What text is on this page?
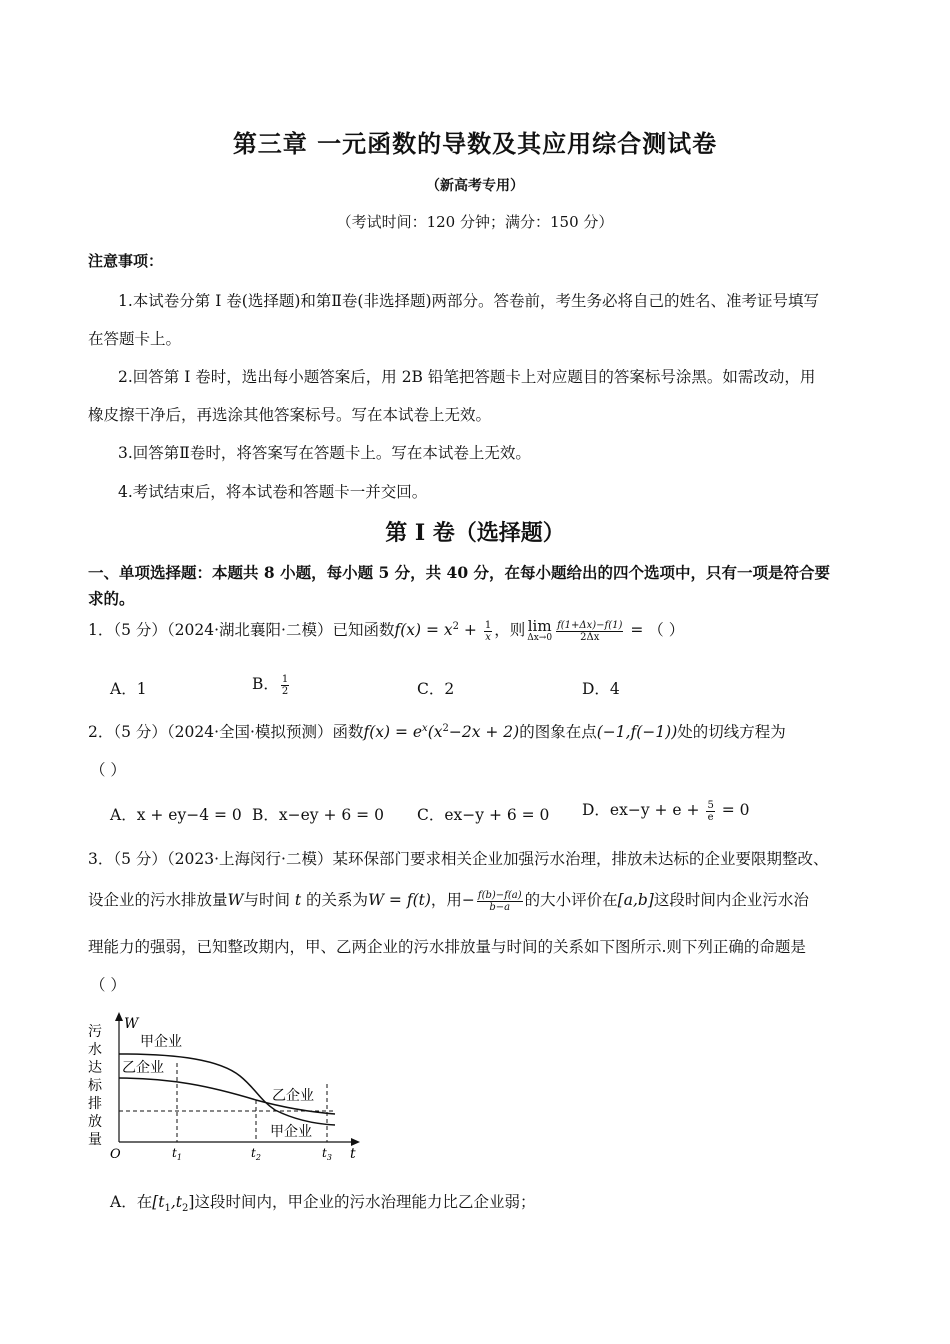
第三章 一元函数的导数及其应用综合测试卷
（新高考专用）
（考试时间：120 分钟；满分：150 分）
注意事项：
1.本试卷分第 I 卷(选择题)和第Ⅱ卷(非选择题)两部分。答卷前，考生务必将自己的姓名、准考证号填写
在答题卡上。
2.回答第 I 卷时，选出每小题答案后，用 2B 铅笔把答题卡上对应题目的答案标号涂黑。如需改动，用
橡皮擦干净后，再选涂其他答案标号。写在本试卷上无效。
3.回答第Ⅱ卷时，将答案写在答题卡上。写在本试卷上无效。
4.考试结束后，将本试卷和答题卡一并交回。
第 I 卷（选择题）
一、单项选择题：本题共 8 小题，每小题 5 分，共 40 分，在每小题给出的四个选项中，只有一项是符合要
求的。
1．（5 分）（2024·湖北襄阳·二模）已知函数$f(x) = x^2 + \frac{1}{x}$ ，则 lim
$\Delta x\to 0 \frac{f(1+\Delta x)-f(1)}{2\Delta x}$ = （ ）
A．1	B． $\frac{1}{2}$	C．2	D．4
2．（5 分）（2024·全国·模拟预测）函数$f(x) = e^x(x^2-2x + 2)$的图象在点(−1,f(−1))处的切线方程为
（ ）
A．x + ey−4 = 0 B．x−ey + 6 = 0 C．ex−y + 6 = 0 D．$ex-y + e + \frac{5}{e} = 0$
3．（5 分）（2023·上海闵行·二模）某环保部门要求相关企业加强污水治理，排放未达标的企业要限期整改、
设企业的污水排放量W与时间 t 的关系为W = f(t)，用− $\frac{f(b)-f(a)}{b-a}$ 的大小评价在[a,b]这段时间内企业污水治
理能力的强弱，已知整改期内，甲、乙两企业的污水排放量与时间的关系如下图所示.则下列正确的命题是
（ ）
污
水
达
标
排
放
量
W
t
O
甲企业
乙企业
乙企业
甲企业
$t_1$	$t_2$	$t_3$
A．在$[t_1,t_2]$这段时间内，甲企业的污水治理能力比乙企业弱；
